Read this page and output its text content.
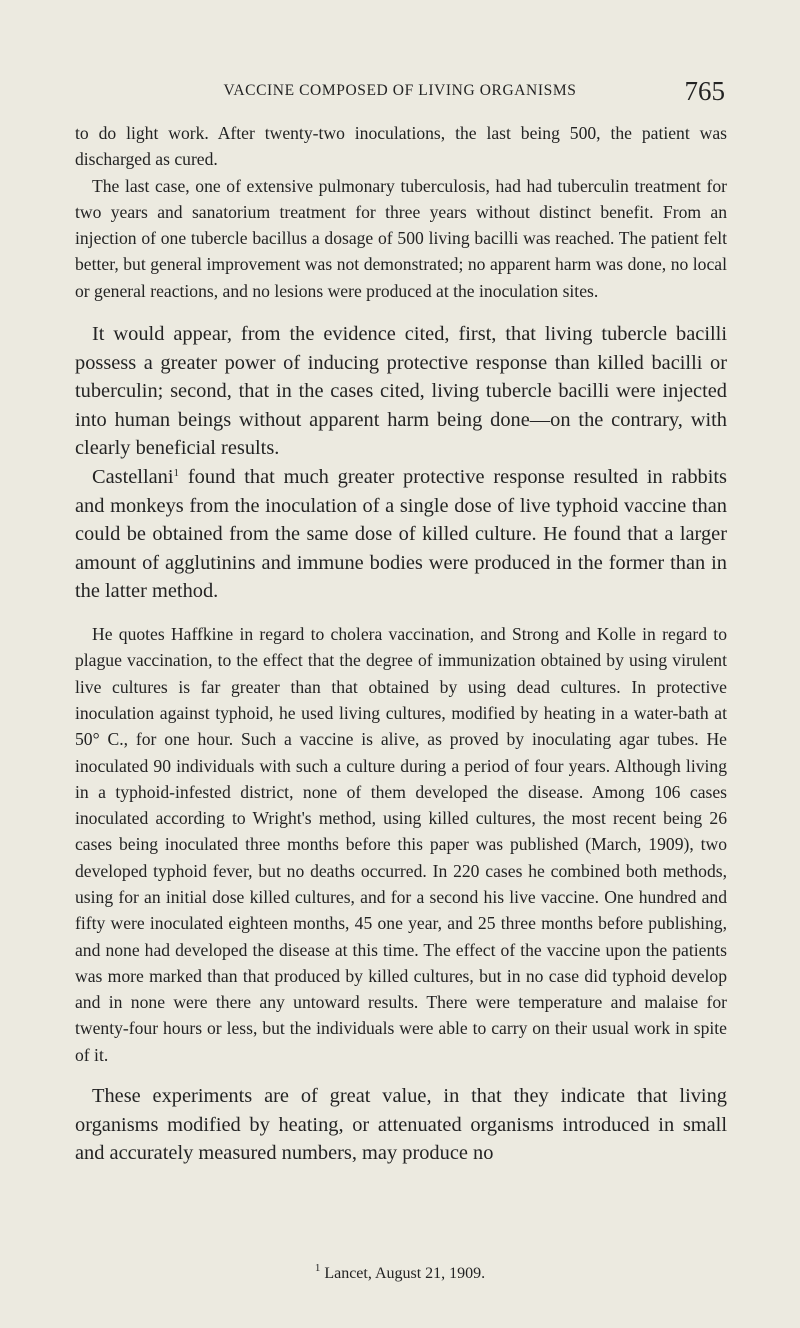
VACCINE COMPOSED OF LIVING ORGANISMS	765

to do light work. After twenty-two inoculations, the last being 500, the patient was discharged as cured.

The last case, one of extensive pulmonary tuberculosis, had had tuberculin treatment for two years and sanatorium treatment for three years without distinct benefit. From an injection of one tubercle bacillus a dosage of 500 living bacilli was reached. The patient felt better, but general improvement was not demonstrated; no apparent harm was done, no local or general reactions, and no lesions were produced at the inoculation sites.

It would appear, from the evidence cited, first, that living tubercle bacilli possess a greater power of inducing protective response than killed bacilli or tuberculin; second, that in the cases cited, living tubercle bacilli were injected into human beings without apparent harm being done—on the contrary, with clearly beneficial results.

Castellani$^1$ found that much greater protective response resulted in rabbits and monkeys from the inoculation of a single dose of live typhoid vaccine than could be obtained from the same dose of killed culture. He found that a larger amount of agglutinins and immune bodies were produced in the former than in the latter method.

He quotes Haffkine in regard to cholera vaccination, and Strong and Kolle in regard to plague vaccination, to the effect that the degree of immunization obtained by using virulent live cultures is far greater than that obtained by using dead cultures. In protective inoculation against typhoid, he used living cultures, modified by heating in a water-bath at 50° C., for one hour. Such a vaccine is alive, as proved by inoculating agar tubes. He inoculated 90 individuals with such a culture during a period of four years. Although living in a typhoid-infested district, none of them developed the disease. Among 106 cases inoculated according to Wright's method, using killed cultures, the most recent being 26 cases being inoculated three months before this paper was published (March, 1909), two developed typhoid fever, but no deaths occurred. In 220 cases he combined both methods, using for an initial dose killed cultures, and for a second his live vaccine. One hundred and fifty were inoculated eighteen months, 45 one year, and 25 three months before publishing, and none had developed the disease at this time. The effect of the vaccine upon the patients was more marked than that produced by killed cultures, but in no case did typhoid develop and in none were there any untoward results. There were temperature and malaise for twenty-four hours or less, but the individuals were able to carry on their usual work in spite of it.

These experiments are of great value, in that they indicate that living organisms modified by heating, or attenuated organisms introduced in small and accurately measured numbers, may produce no

$^1$ Lancet, August 21, 1909.
